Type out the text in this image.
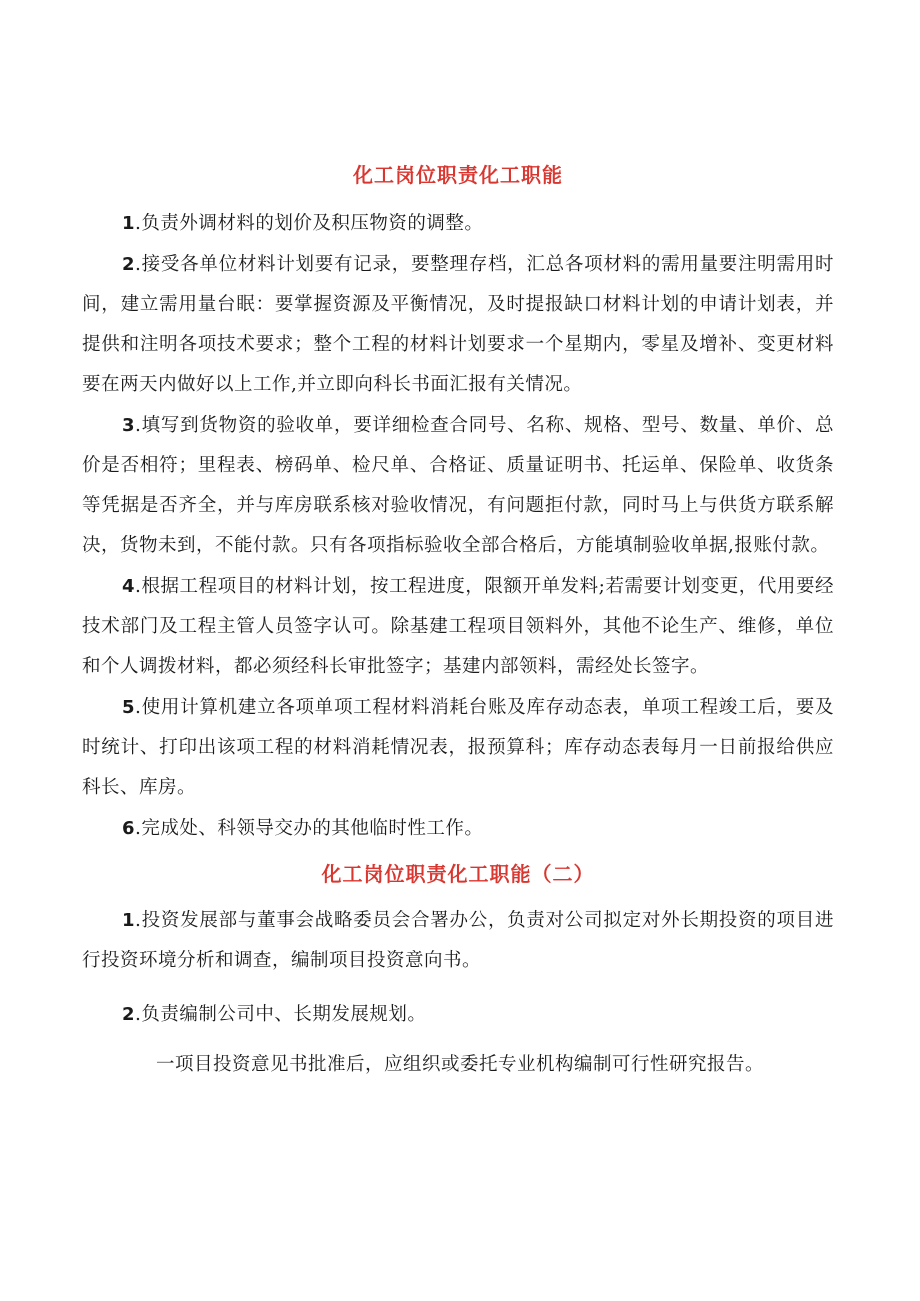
化工岗位职责化工职能

1.负责外调材料的划价及积压物资的调整。

2.接受各单位材料计划要有记录，要整理存档，汇总各项材料的需用量要注明需用时间，建立需用量台眠：要掌握资源及平衡情况，及时提报缺口材料计划的申请计划表，并提供和注明各项技术要求；整个工程的材料计划要求一个星期内，零星及增补、变更材料要在两天内做好以上工作,并立即向科长书面汇报有关情况。

3.填写到货物资的验收单，要详细检查合同号、名称、规格、型号、数量、单价、总价是否相符；里程表、榜码单、检尺单、合格证、质量证明书、托运单、保险单、收货条等凭据是否齐全，并与库房联系核对验收情况，有问题拒付款，同时马上与供货方联系解决，货物未到，不能付款。只有各项指标验收全部合格后，方能填制验收单据,报账付款。

4.根据工程项目的材料计划，按工程进度，限额开单发料;若需要计划变更，代用要经技术部门及工程主管人员签字认可。除基建工程项目领料外，其他不论生产、维修，单位和个人调拨材料，都必须经科长审批签字；基建内部领料，需经处长签字。

5.使用计算机建立各项单项工程材料消耗台账及库存动态表，单项工程竣工后，要及时统计、打印出该项工程的材料消耗情况表，报预算科；库存动态表每月一日前报给供应科长、库房。

6.完成处、科领导交办的其他临时性工作。

化工岗位职责化工职能（二）

1.投资发展部与董事会战略委员会合署办公，负责对公司拟定对外长期投资的项目进行投资环境分析和调查，编制项目投资意向书。

2.负责编制公司中、长期发展规划。

一项目投资意见书批准后，应组织或委托专业机构编制可行性研究报告。
